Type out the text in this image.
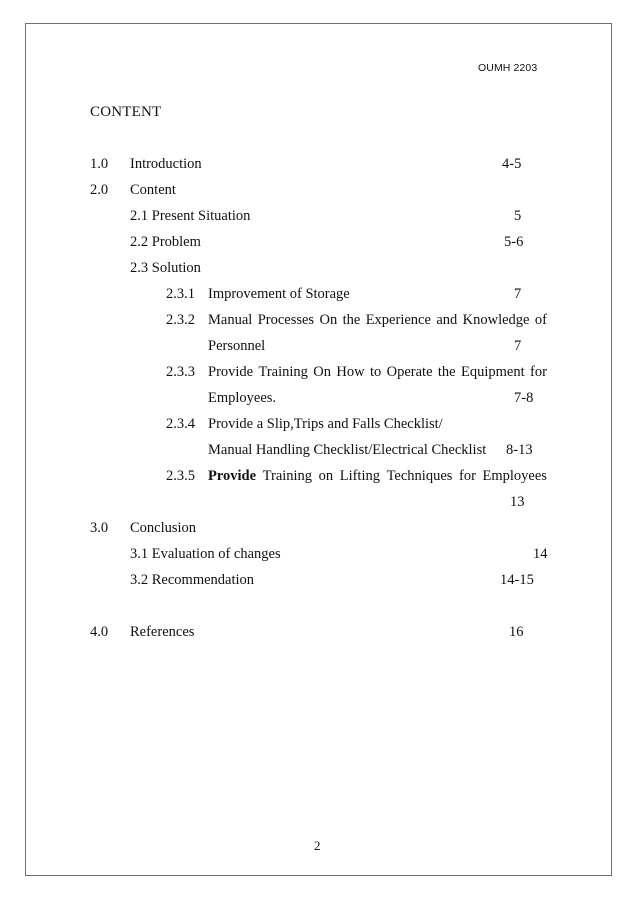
OUMH 2203
CONTENT
1.0 Introduction	4-5
2.0 Content
2.1 Present Situation	5
2.2 Problem	5-6
2.3 Solution
2.3.1 Improvement of Storage	7
2.3.2 Manual Processes On the Experience and Knowledge of
Personnel	7
2.3.3 Provide Training On How to Operate the Equipment for
Employees.	7-8
2.3.4 Provide a Slip,Trips and Falls Checklist/
Manual Handling Checklist/Electrical Checklist 8-13
2.3.5 Provide Training on Lifting Techniques for Employees
13
3.0 Conclusion
3.1 Evaluation of changes	14
3.2 Recommendation	14-15
4.0 References	16
2
